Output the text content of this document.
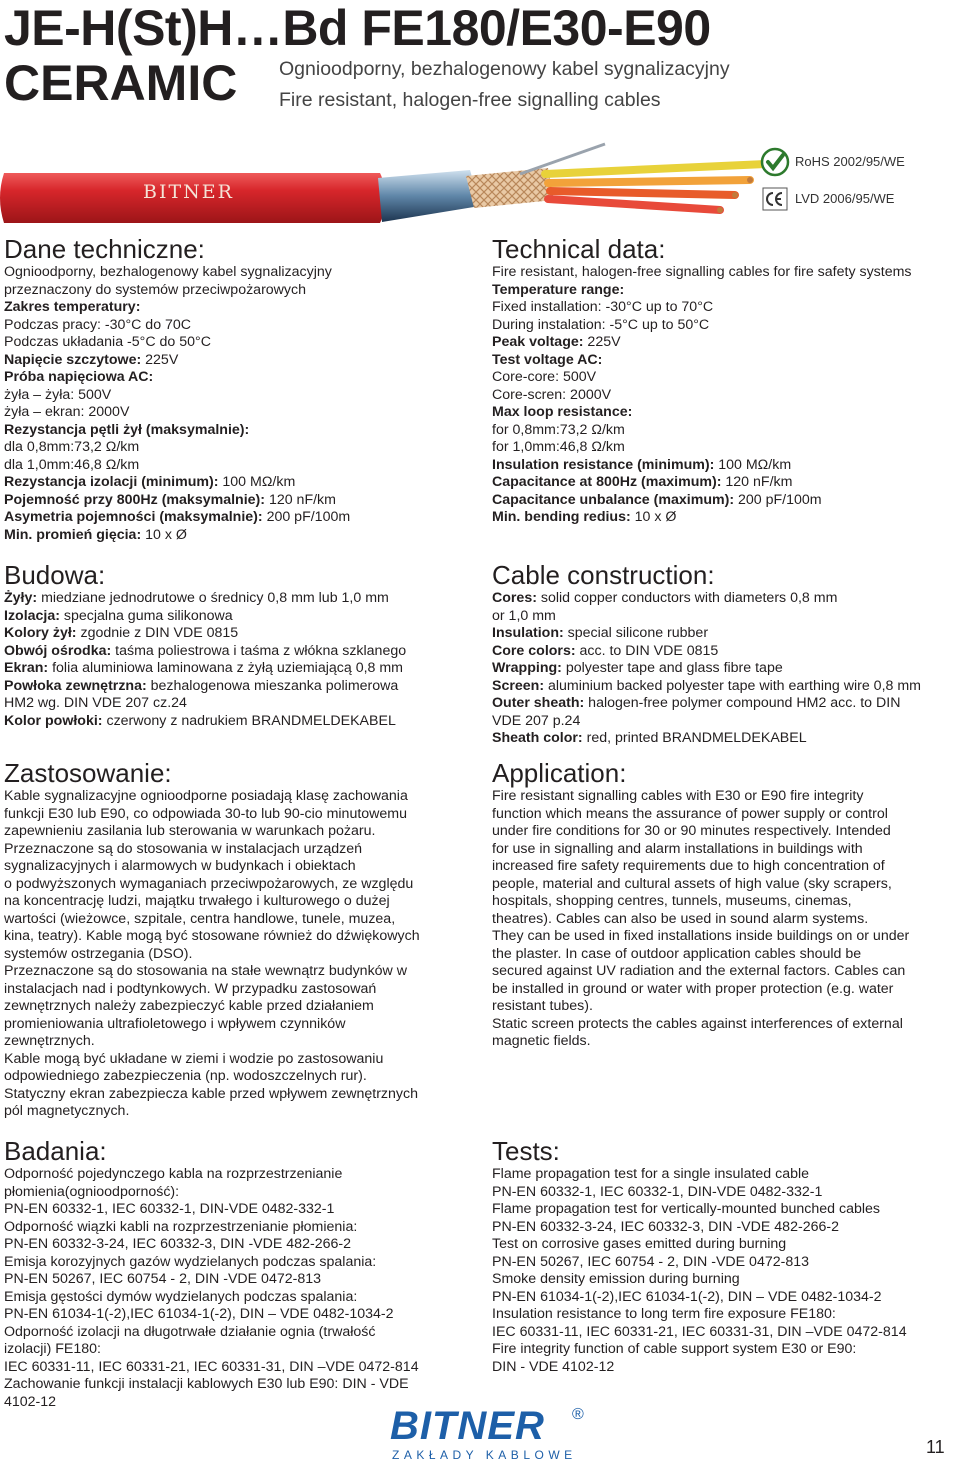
JE-H(St)H…Bd FE180/E30-E90
CERAMIC Ognioodporny, bezhalogenowy kabel sygnalizacyjny
Fire resistant, halogen-free signalling cables
BITNER
RoHS 2002/95/WE
LVD 2006/95/WE
Dane techniczne:
Ognioodporny, bezhalogenowy kabel sygnalizacyjny
przeznaczony do systemów przeciwpożarowych
Zakres temperatury:
Podczas pracy: -30°C do 70C
Podczas układania -5°C do 50°C
Napięcie szczytowe: 225V
Próba napięciowa AC:
żyła – żyła: 500V
żyła – ekran: 2000V
Rezystancja pętli żył (maksymalnie):
dla 0,8mm:73,2 Ω/km
dla 1,0mm:46,8 Ω/km
Rezystancja izolacji (minimum): 100 MΩ/km
Pojemność przy 800Hz (maksymalnie): 120 nF/km
Asymetria pojemności (maksymalnie): 200 pF/100m
Min. promień gięcia: 10 x Ø
Technical data:
Fire resistant, halogen-free signalling cables for fire safety systems
Temperature range:
Fixed installation: -30°C up to 70°C
During instalation: -5°C up to 50°C
Peak voltage: 225V
Test voltage AC:
Core-core: 500V
Core-scren: 2000V
Max loop resistance:
for 0,8mm:73,2 Ω/km
for 1,0mm:46,8 Ω/km
Insulation resistance (minimum): 100 MΩ/km
Capacitance at 800Hz (maximum): 120 nF/km
Capacitance unbalance (maximum): 200 pF/100m
Min. bending redius: 10 x Ø
Budowa:
Żyły: miedziane jednodrutowe o średnicy 0,8 mm lub 1,0 mm
Izolacja: specjalna guma silikonowa
Kolory żył: zgodnie z DIN VDE 0815
Obwój ośrodka: taśma poliestrowa i taśma z włókna szklanego
Ekran: folia aluminiowa laminowana z żyłą uziemiającą 0,8 mm
Powłoka zewnętrzna: bezhalogenowa mieszanka polimerowa
HM2 wg. DIN VDE 207 cz.24
Kolor powłoki: czerwony z nadrukiem BRANDMELDEKABEL
Cable construction:
Cores: solid copper conductors with diameters 0,8 mm
or 1,0 mm
Insulation: special silicone rubber
Core colors: acc. to DIN VDE 0815
Wrapping: polyester tape and glass fibre tape
Screen: aluminium backed polyester tape with earthing wire 0,8 mm
Outer sheath: halogen-free polymer compound HM2 acc. to DIN
VDE 207 p.24
Sheath color: red, printed BRANDMELDEKABEL
Zastosowanie:
Kable sygnalizacyjne ognioodporne posiadają klasę zachowania
funkcji E30 lub E90, co odpowiada 30-to lub 90-cio minutowemu
zapewnieniu zasilania lub sterowania w warunkach pożaru.
Przeznaczone są do stosowania w instalacjach urządzeń
sygnalizacyjnych i alarmowych w budynkach i obiektach
o podwyższonych wymaganiach przeciwpożarowych, ze względu
na koncentrację ludzi, majątku trwałego i kulturowego o dużej
wartości (wieżowce, szpitale, centra handlowe, tunele, muzea,
kina, teatry). Kable mogą być stosowane również do dźwiękowych
systemów ostrzegania (DSO).
Przeznaczone są do stosowania na stałe wewnątrz budynków w
instalacjach nad i podtynkowych. W przypadku zastosowań
zewnętrznych należy zabezpieczyć kable przed działaniem
promieniowania ultrafioletowego i wpływem czynników
zewnętrznych.
Kable mogą być układane w ziemi i wodzie po zastosowaniu
odpowiedniego zabezpieczenia (np. wodoszczelnych rur).
Statyczny ekran zabezpiecza kable przed wpływem zewnętrznych
pól magnetycznych.
Application:
Fire resistant signalling cables with E30 or E90 fire integrity
function which means the assurance of power supply or control
under fire conditions for 30 or 90 minutes respectively. Intended
for use in signalling and alarm installations in buildings with
increased fire safety requirements due to high concentration of
people, material and cultural assets of high value (sky scrapers,
hospitals, shopping centres, tunnels, museums, cinemas,
theatres). Cables can also be used in sound alarm systems.
They can be used in fixed installations inside buildings on or under
the plaster. In case of outdoor application cables should be
secured against UV radiation and the external factors. Cables can
be installed in ground or water with proper protection (e.g. water
resistant tubes).
Static screen protects the cables against interferences of external
magnetic fields.
Badania:
Odporność pojedynczego kabla na rozprzestrzenianie
płomienia(ognioodporność):
PN-EN 60332-1, IEC 60332-1, DIN-VDE 0482-332-1
Odporność wiązki kabli na rozprzestrzenianie płomienia:
PN-EN 60332-3-24, IEC 60332-3, DIN -VDE 482-266-2
Emisja korozyjnych gazów wydzielanych podczas spalania:
PN-EN 50267, IEC 60754 - 2, DIN -VDE 0472-813
Emisja gęstości dymów wydzielanych podczas spalania:
PN-EN 61034-1(-2),IEC 61034-1(-2), DIN – VDE 0482-1034-2
Odporność izolacji na długotrwałe działanie ognia (trwałość
izolacji) FE180:
IEC 60331-11, IEC 60331-21, IEC 60331-31, DIN –VDE 0472-814
Zachowanie funkcji instalacji kablowych E30 lub E90: DIN - VDE
4102-12
Tests:
Flame propagation test for a single insulated cable
PN-EN 60332-1, IEC 60332-1, DIN-VDE 0482-332-1
Flame propagation test for vertically-mounted bunched cables
PN-EN 60332-3-24, IEC 60332-3, DIN -VDE 482-266-2
Test on corrosive gases emitted during burning
PN-EN 50267, IEC 60754 - 2, DIN -VDE 0472-813
Smoke density emission during burning
PN-EN 61034-1(-2),IEC 61034-1(-2), DIN – VDE 0482-1034-2
Insulation resistance to long term fire exposure FE180:
IEC 60331-11, IEC 60331-21, IEC 60331-31, DIN –VDE 0472-814
Fire integrity function of cable support system E30 or E90:
DIN - VDE 4102-12
BITNER ®
ZAKŁADY KABLOWE	11
